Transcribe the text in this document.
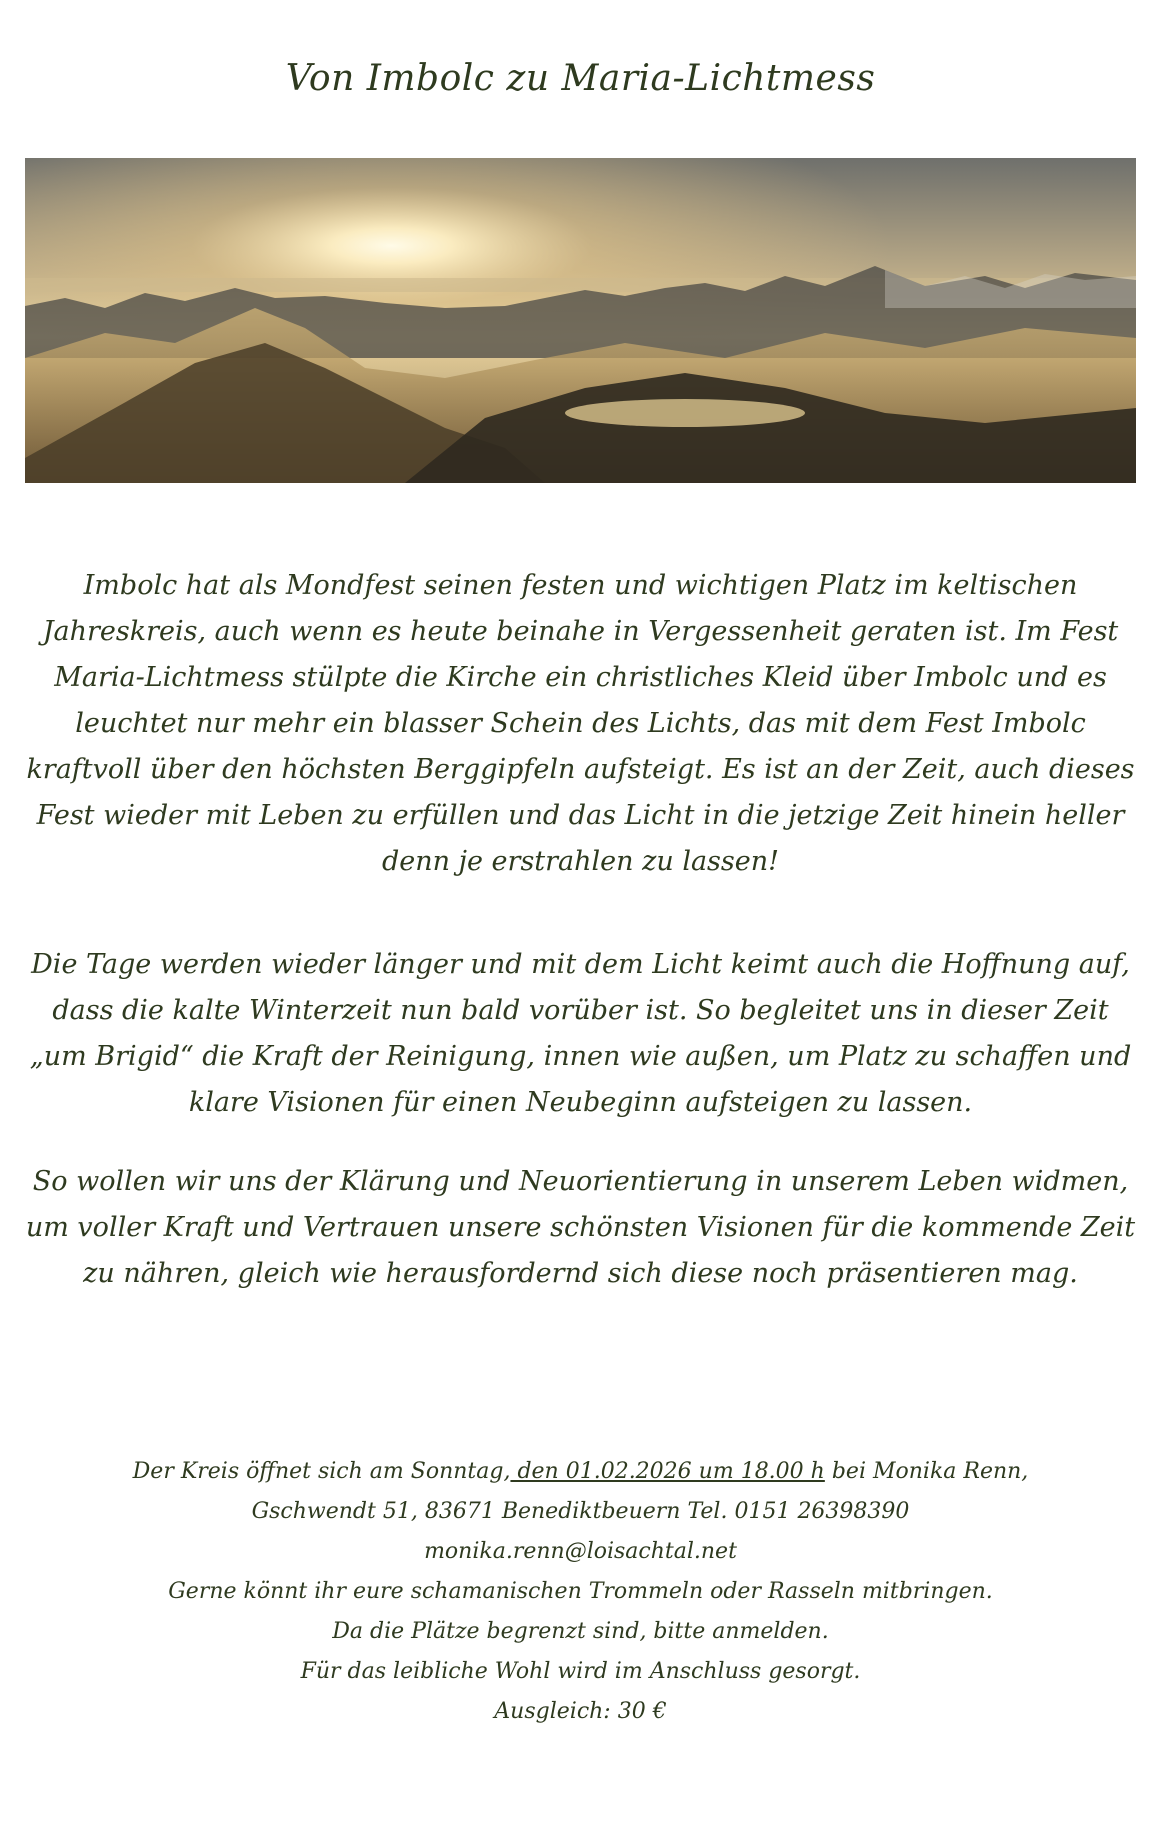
Von Imbolc zu Maria-Lichtmess

Imbolc hat als Mondfest seinen festen und wichtigen Platz im keltischen Jahreskreis, auch wenn es heute beinahe in Vergessenheit geraten ist. Im Fest Maria-Lichtmess stülpte die Kirche ein christliches Kleid über Imbolc und es leuchtet nur mehr ein blasser Schein des Lichts, das mit dem Fest Imbolc kraftvoll über den höchsten Berggipfeln aufsteigt. Es ist an der Zeit, auch dieses Fest wieder mit Leben zu erfüllen und das Licht in die jetzige Zeit hinein heller denn je erstrahlen zu lassen!

Die Tage werden wieder länger und mit dem Licht keimt auch die Hoffnung auf, dass die kalte Winterzeit nun bald vorüber ist. So begleitet uns in dieser Zeit „um Brigid“ die Kraft der Reinigung, innen wie außen, um Platz zu schaffen und klare Visionen für einen Neubeginn aufsteigen zu lassen.

So wollen wir uns der Klärung und Neuorientierung in unserem Leben widmen, um voller Kraft und Vertrauen unsere schönsten Visionen für die kommende Zeit zu nähren, gleich wie herausfordernd sich diese noch präsentieren mag.

Der Kreis öffnet sich am Sonntag, den 01.02.2026 um 18.00 h bei Monika Renn,
Gschwendt 51, 83671 Benediktbeuern Tel. 0151 26398390
monika.renn@loisachtal.net
Gerne könnt ihr eure schamanischen Trommeln oder Rasseln mitbringen.
Da die Plätze begrenzt sind, bitte anmelden.
Für das leibliche Wohl wird im Anschluss gesorgt.
Ausgleich: 30 €
